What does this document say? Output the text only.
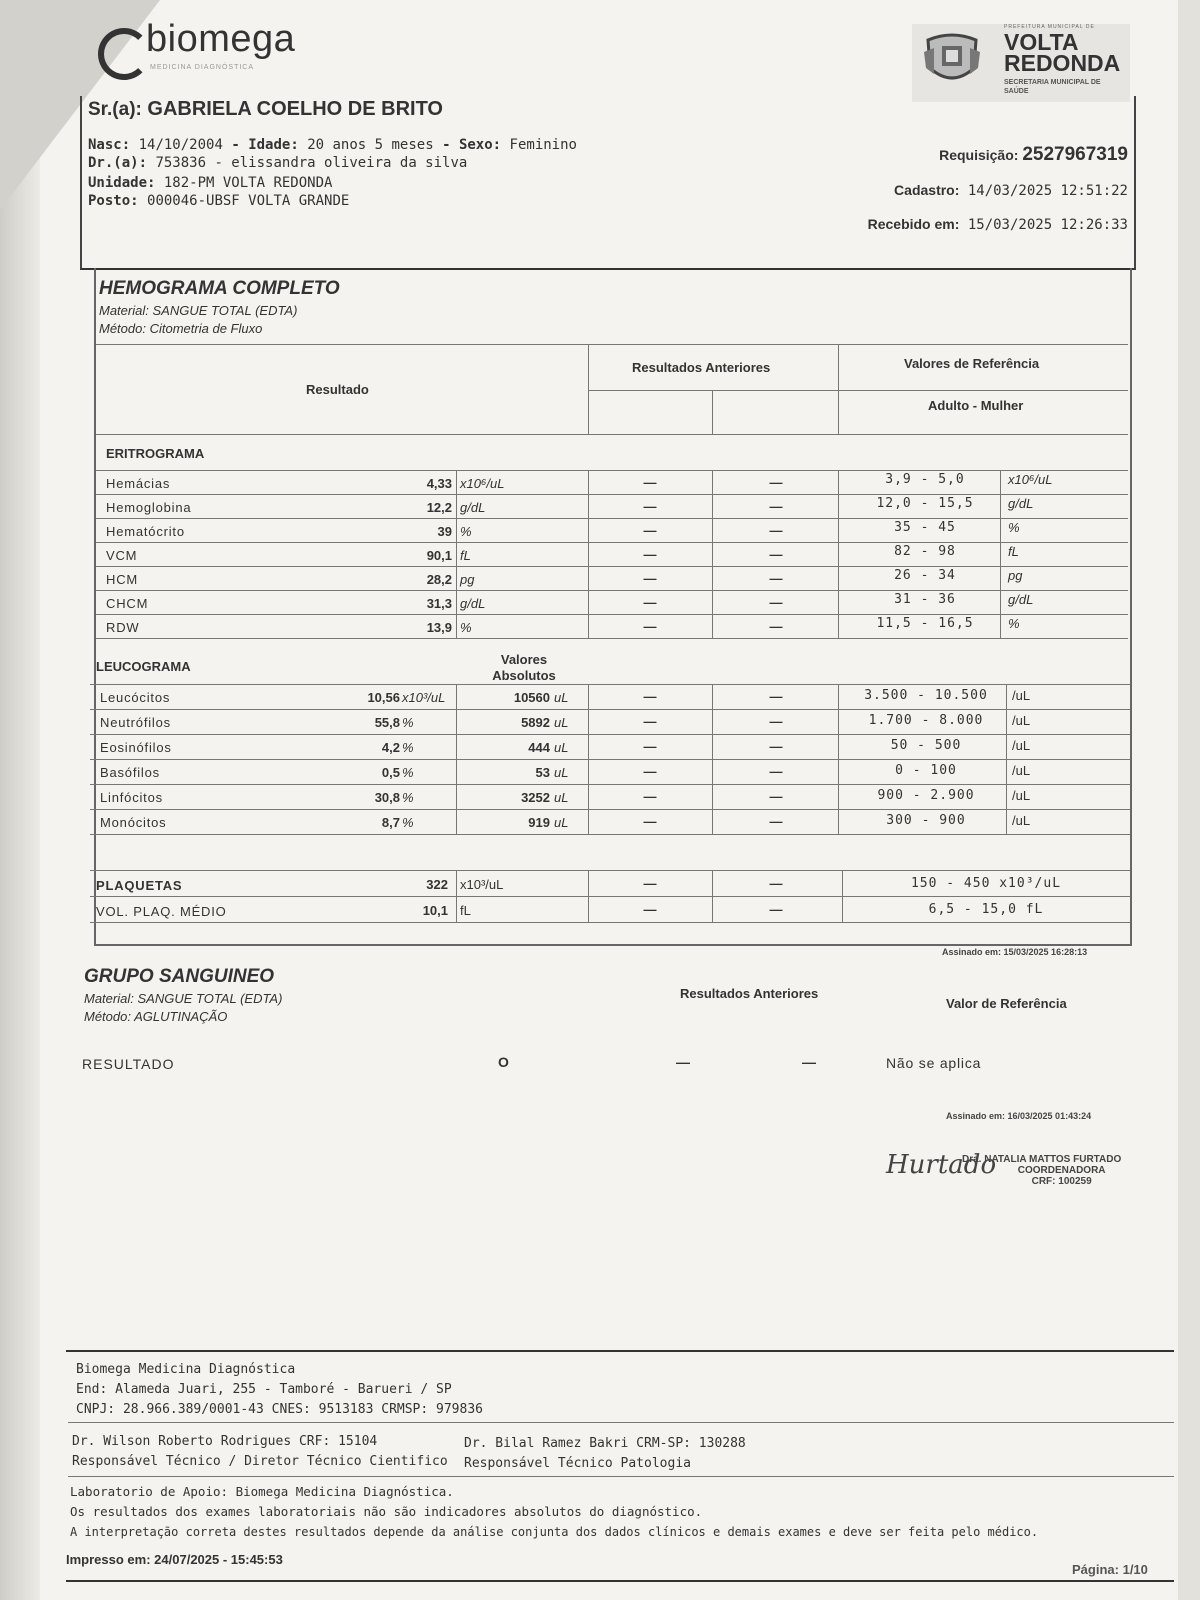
biomega
MEDICINA DIAGNÓSTICA
PREFEITURA MUNICIPAL DE
VOLTA REDONDA
SECRETARIA MUNICIPAL DE SAÚDE
Sr.(a): GABRIELA COELHO DE BRITO
Nasc: 14/10/2004 - Idade: 20 anos 5 meses - Sexo: Feminino
Dr.(a): 753836 - elissandra oliveira da silva
Unidade: 182-PM VOLTA REDONDA
Posto: 000046-UBSF VOLTA GRANDE
Requisição: 2527967319
Cadastro: 14/03/2025 12:51:22
Recebido em: 15/03/2025 12:26:33
HEMOGRAMA COMPLETO
Material: SANGUE TOTAL (EDTA)
Método: Citometria de Fluxo
Resultado
Resultados Anteriores	Valores de Referência
Adulto - Mulher
ERITROGRAMA
Hemácias	4,33 x10⁶/uL	—	—	3,9 - 5,0	x10⁶/uL
Hemoglobina	12,2 g/dL	—	—	12,0 - 15,5	g/dL
Hematócrito	39 %	—	—	35 - 45	%
VCM	90,1 fL	—	—	82 - 98	fL
HCM	28,2 pg	—	—	26 - 34	pg
CHCM	31,3 g/dL	—	—	31 - 36	g/dL
RDW	13,9 %	—	—	11,5 - 16,5	%
LEUCOGRAMA	Valores Absolutos
Leucócitos	10,56 x10³/uL	10560 uL	—	—	3.500 - 10.500	/uL
Neutrófilos	55,8 %	5892 uL	—	—	1.700 - 8.000	/uL
Eosinófilos	4,2 %	444 uL	—	—	50 - 500	/uL
Basófilos	0,5 %	53 uL	—	—	0 - 100	/uL
Linfócitos	30,8 %	3252 uL	—	—	900 - 2.900	/uL
Monócitos	8,7 %	919 uL	—	—	300 - 900	/uL
PLAQUETAS	322 x10³/uL	—	—	150 - 450 x10³/uL
VOL. PLAQ. MÉDIO	10,1 fL	—	—	6,5 - 15,0 fL
Assinado em: 15/03/2025 16:28:13
GRUPO SANGUINEO
Material: SANGUE TOTAL (EDTA)
Método: AGLUTINAÇÃO
Resultados Anteriores
Valor de Referência
RESULTADO	O	—	—	Não se aplica
Assinado em: 16/03/2025 01:43:24
Hurtado
Dra. NATALIA MATTOS FURTADO
COORDENADORA
CRF: 100259
Biomega Medicina Diagnóstica
End: Alameda Juari, 255 - Tamboré - Barueri / SP
CNPJ: 28.966.389/0001-43 CNES: 9513183 CRMSP: 979836
Dr. Wilson Roberto Rodrigues CRF: 15104
Responsável Técnico / Diretor Técnico Cientifico
Dr. Bilal Ramez Bakri CRM-SP: 130288
Responsável Técnico Patologia
Laboratorio de Apoio: Biomega Medicina Diagnóstica.
Os resultados dos exames laboratoriais não são indicadores absolutos do diagnóstico.
A interpretação correta destes resultados depende da análise conjunta dos dados clínicos e demais exames e deve ser feita pelo médico.
Impresso em: 24/07/2025 - 15:45:53
Página: 1/10
